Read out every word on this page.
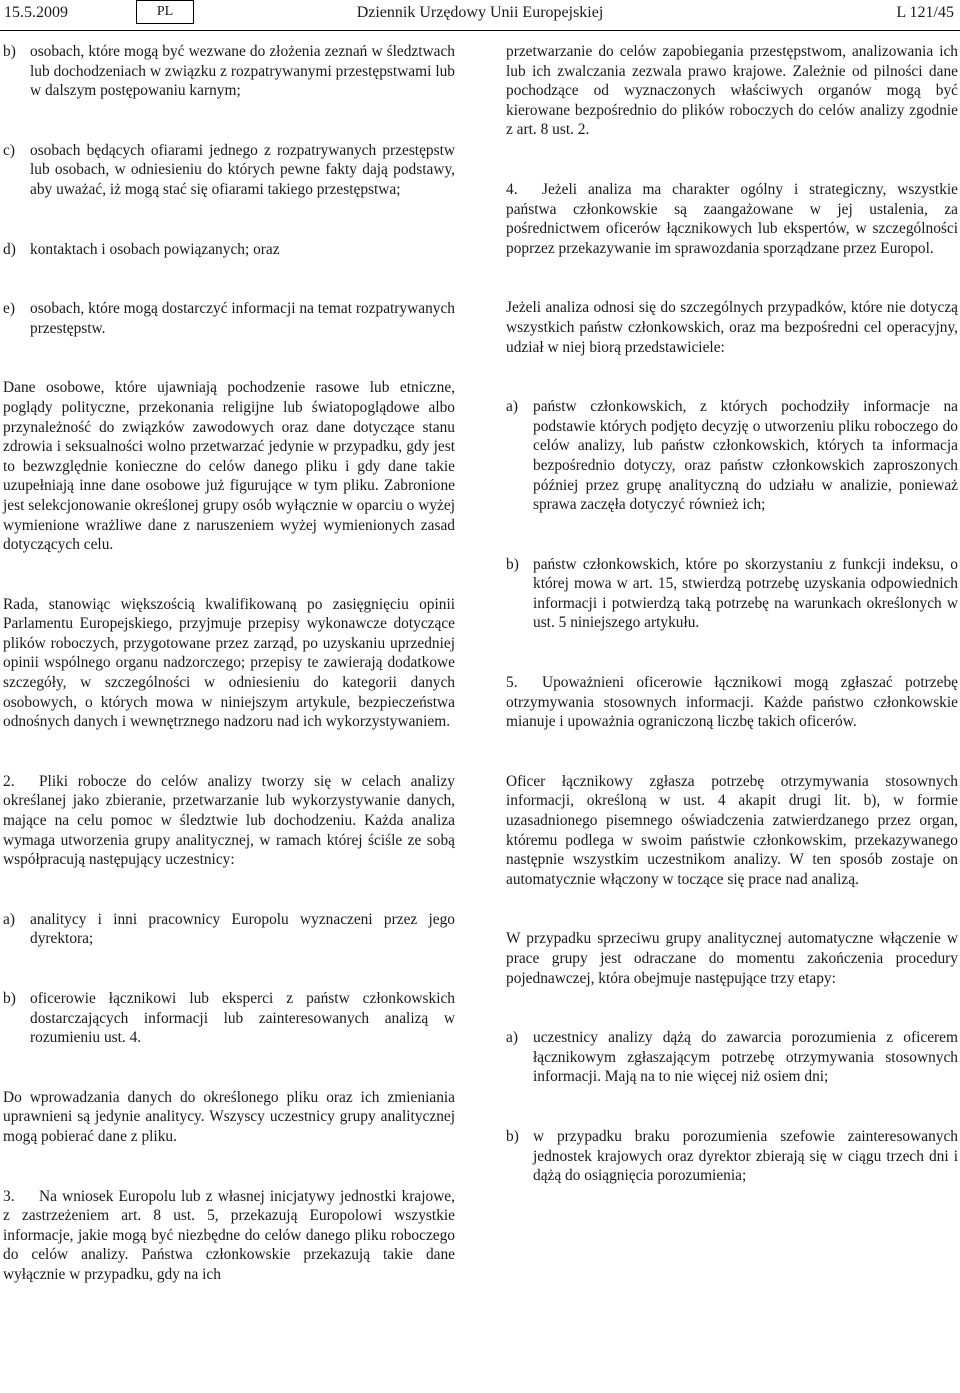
15.5.2009	PL	Dziennik Urzędowy Unii Europejskiej	L 121/45
b) osobach, które mogą być wezwane do złożenia zeznań w śledztwach lub dochodzeniach w związku z rozpatrywanymi przestępstwami lub w dalszym postępowaniu karnym;
c) osobach będących ofiarami jednego z rozpatrywanych przestępstw lub osobach, w odniesieniu do których pewne fakty dają podstawy, aby uważać, iż mogą stać się ofiarami takiego przestępstwa;
d) kontaktach i osobach powiązanych; oraz
e) osobach, które mogą dostarczyć informacji na temat rozpatrywanych przestępstw.

Dane osobowe, które ujawniają pochodzenie rasowe lub etniczne, poglądy polityczne, przekonania religijne lub światopoglądowe albo przynależność do związków zawodowych oraz dane dotyczące stanu zdrowia i seksualności wolno przetwarzać jedynie w przypadku, gdy jest to bezwzględnie konieczne do celów danego pliku i gdy dane takie uzupełniają inne dane osobowe już figurujące w tym pliku. Zabronione jest selekcjonowanie określonej grupy osób wyłącznie w oparciu o wyżej wymienione wrażliwe dane z naruszeniem wyżej wymienionych zasad dotyczących celu.

Rada, stanowiąc większością kwalifikowaną po zasięgnięciu opinii Parlamentu Europejskiego, przyjmuje przepisy wykonawcze dotyczące plików roboczych, przygotowane przez zarząd, po uzyskaniu uprzedniej opinii wspólnego organu nadzorczego; przepisy te zawierają dodatkowe szczegóły, w szczególności w odniesieniu do kategorii danych osobowych, o których mowa w niniejszym artykule, bezpieczeństwa odnośnych danych i wewnętrznego nadzoru nad ich wykorzystywaniem.

2. Pliki robocze do celów analizy tworzy się w celach analizy określanej jako zbieranie, przetwarzanie lub wykorzystywanie danych, mające na celu pomoc w śledztwie lub dochodzeniu. Każda analiza wymaga utworzenia grupy analitycznej, w ramach której ściśle ze sobą współpracują następujący uczestnicy:

a) analitycy i inni pracownicy Europolu wyznaczeni przez jego dyrektora;
b) oficerowie łącznikowi lub eksperci z państw członkowskich dostarczających informacji lub zainteresowanych analizą w rozumieniu ust. 4.

Do wprowadzania danych do określonego pliku oraz ich zmieniania uprawnieni są jedynie analitycy. Wszyscy uczestnicy grupy analitycznej mogą pobierać dane z pliku.

3. Na wniosek Europolu lub z własnej inicjatywy jednostki krajowe, z zastrzeżeniem art. 8 ust. 5, przekazują Europolowi wszystkie informacje, jakie mogą być niezbędne do celów danego pliku roboczego do celów analizy. Państwa członkowskie przekazują takie dane wyłącznie w przypadku, gdy na ich

przetwarzanie do celów zapobiegania przestępstwom, analizowania ich lub ich zwalczania zezwala prawo krajowe. Zależnie od pilności dane pochodzące od wyznaczonych właściwych organów mogą być kierowane bezpośrednio do plików roboczych do celów analizy zgodnie z art. 8 ust. 2.

4. Jeżeli analiza ma charakter ogólny i strategiczny, wszystkie państwa członkowskie są zaangażowane w jej ustalenia, za pośrednictwem oficerów łącznikowych lub ekspertów, w szczególności poprzez przekazywanie im sprawozdania sporządzane przez Europol.

Jeżeli analiza odnosi się do szczególnych przypadków, które nie dotyczą wszystkich państw członkowskich, oraz ma bezpośredni cel operacyjny, udział w niej biorą przedstawiciele:

a) państw członkowskich, z których pochodziły informacje na podstawie których podjęto decyzję o utworzeniu pliku roboczego do celów analizy, lub państw członkowskich, których ta informacja bezpośrednio dotyczy, oraz państw członkowskich zaproszonych później przez grupę analityczną do udziału w analizie, ponieważ sprawa zaczęła dotyczyć również ich;
b) państw członkowskich, które po skorzystaniu z funkcji indeksu, o której mowa w art. 15, stwierdzą potrzebę uzyskania odpowiednich informacji i potwierdzą taką potrzebę na warunkach określonych w ust. 5 niniejszego artykułu.

5. Upoważnieni oficerowie łącznikowi mogą zgłaszać potrzebę otrzymywania stosownych informacji. Każde państwo członkowskie mianuje i upoważnia ograniczoną liczbę takich oficerów.

Oficer łącznikowy zgłasza potrzebę otrzymywania stosownych informacji, określoną w ust. 4 akapit drugi lit. b), w formie uzasadnionego pisemnego oświadczenia zatwierdzanego przez organ, któremu podlega w swoim państwie członkowskim, przekazywanego następnie wszystkim uczestnikom analizy. W ten sposób zostaje on automatycznie włączony w toczące się prace nad analizą.

W przypadku sprzeciwu grupy analitycznej automatyczne włączenie w prace grupy jest odraczane do momentu zakończenia procedury pojednawczej, która obejmuje następujące trzy etapy:

a) uczestnicy analizy dążą do zawarcia porozumienia z oficerem łącznikowym zgłaszającym potrzebę otrzymywania stosownych informacji. Mają na to nie więcej niż osiem dni;
b) w przypadku braku porozumienia szefowie zainteresowanych jednostek krajowych oraz dyrektor zbierają się w ciągu trzech dni i dążą do osiągnięcia porozumienia;
